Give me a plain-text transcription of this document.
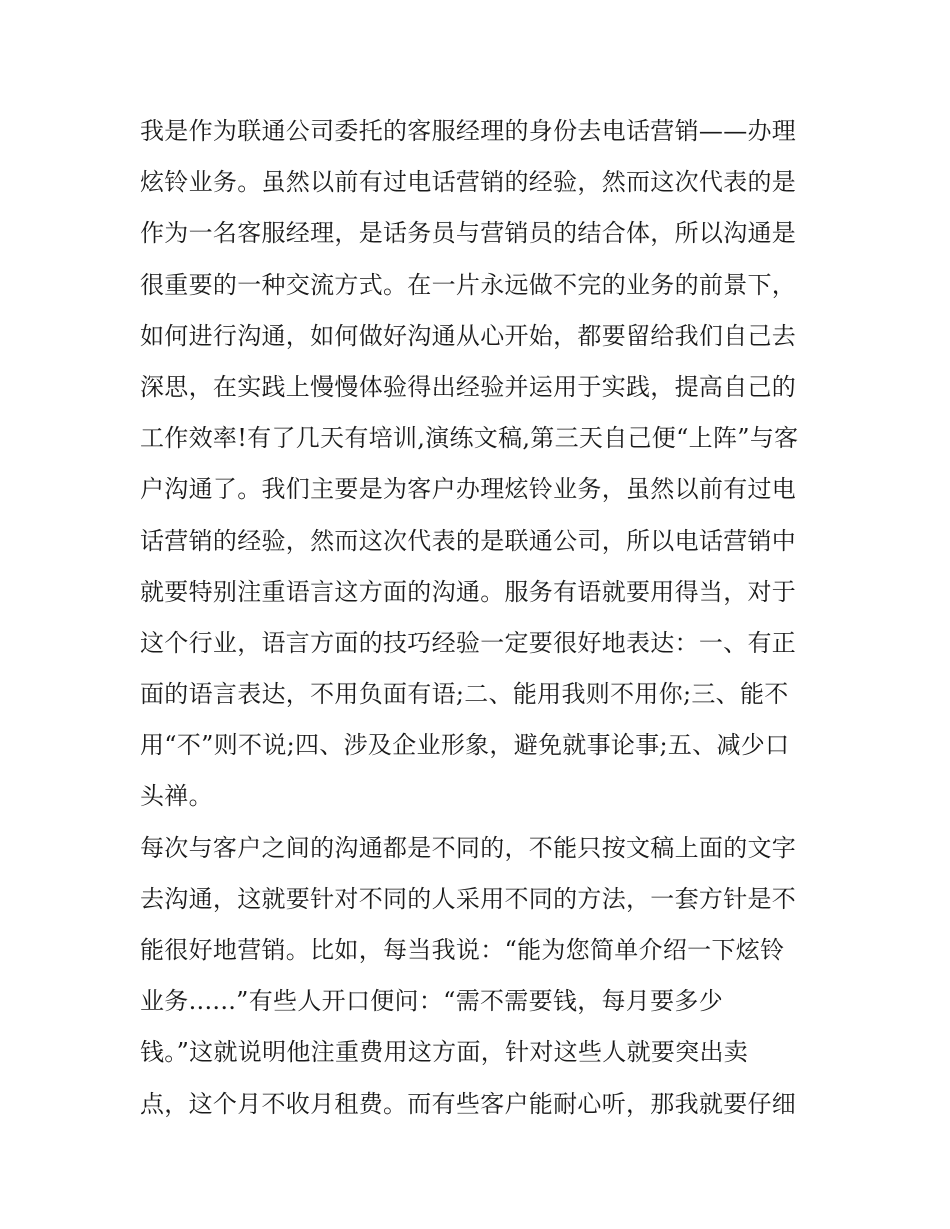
我是作为联通公司委托的客服经理的身份去电话营销——办理
炫铃业务。虽然以前有过电话营销的经验，然而这次代表的是
作为一名客服经理，是话务员与营销员的结合体，所以沟通是
很重要的一种交流方式。在一片永远做不完的业务的前景下，
如何进行沟通，如何做好沟通从心开始，都要留给我们自己去
深思，在实践上慢慢体验得出经验并运用于实践，提高自己的
工作效率!有了几天有培训,演练文稿,第三天自己便“上阵”与客
户沟通了。我们主要是为客户办理炫铃业务，虽然以前有过电
话营销的经验，然而这次代表的是联通公司，所以电话营销中
就要特别注重语言这方面的沟通。服务有语就要用得当，对于
这个行业，语言方面的技巧经验一定要很好地表达：一、有正
面的语言表达，不用负面有语;二、能用我则不用你;三、能不
用“不”则不说;四、涉及企业形象，避免就事论事;五、减少口
头禅。
每次与客户之间的沟通都是不同的，不能只按文稿上面的文字
去沟通，这就要针对不同的人采用不同的方法，一套方针是不
能很好地营销。比如，每当我说：“能为您简单介绍一下炫铃
业务......”有些人开口便问：“需不需要钱，每月要多少
钱。”这就说明他注重费用这方面，针对这些人就要突出卖
点，这个月不收月租费。而有些客户能耐心听，那我就要仔细
